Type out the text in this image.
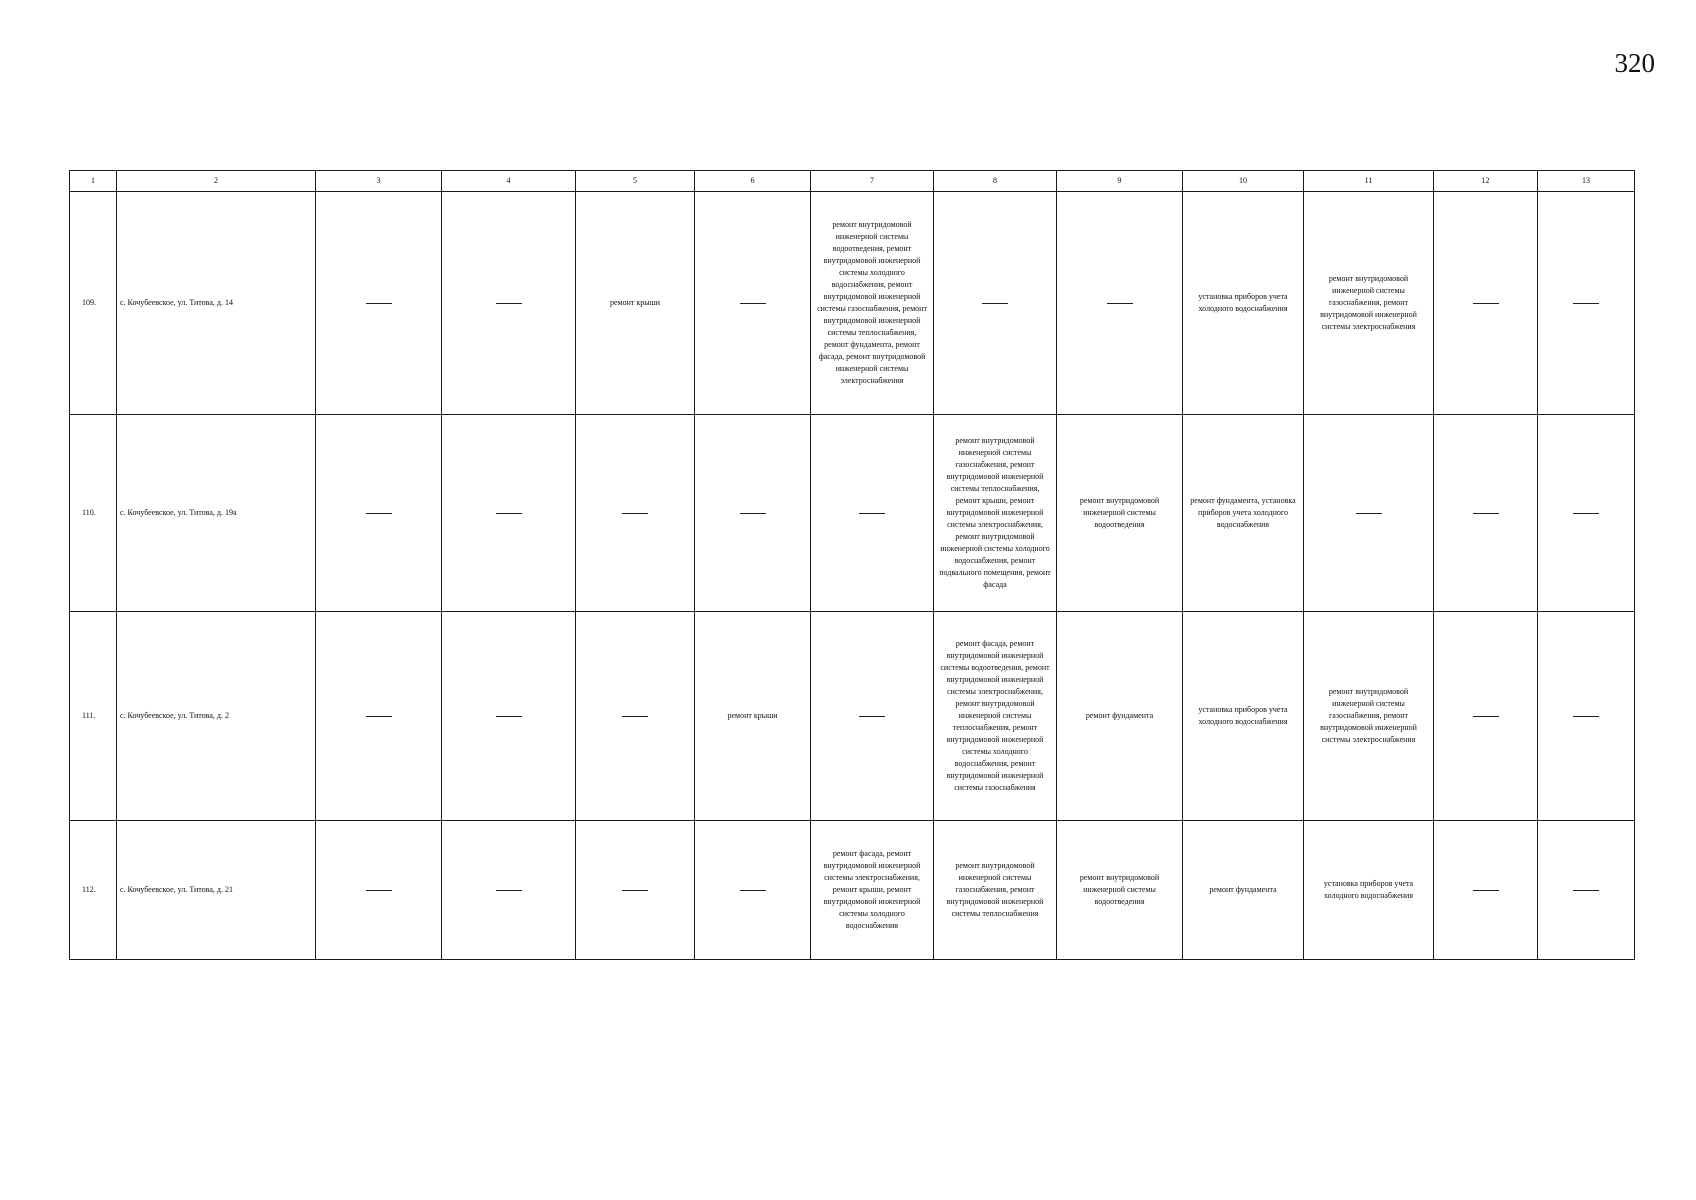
320
1	2	3	4	5	6	7	8	9	10	11	12	13
109.	с. Кочубеевское, ул. Титова, д. 14			ремонт крыши		ремонт внутридомовой инженерной системы водоотведения, ремонт внутридомовой инженерной системы холодного водоснабжения, ремонт внутридомовой инженерной системы газоснабжения, ремонт внутридомовой инженерной системы теплоснабжения, ремонт фундамента, ремонт фасада, ремонт внутридомовой инженерной системы электроснабжения			установка приборов учета холодного водоснабжения	ремонт внутридомовой инженерной системы газоснабжения, ремонт внутридомовой инженерной системы электроснабжения		
110.	с. Кочубеевское, ул. Титова, д. 19а						ремонт внутридомовой инженерной системы газоснабжения, ремонт внутридомовой инженерной системы теплоснабжения, ремонт крыши, ремонт внутридомовой инженерной системы электроснабжения, ремонт внутридомовой инженерной системы холодного водоснабжения, ремонт подвального помещения, ремонт фасада	ремонт внутридомовой инженерной системы водоотведения	ремонт фундамента, установка приборов учета холодного водоснабжения			
111.	с. Кочубеевское, ул. Титова, д. 2				ремонт крыши		ремонт фасада, ремонт внутридомовой инженерной системы водоотведения, ремонт внутридомовой инженерной системы электроснабжения, ремонт внутридомовой инженерной системы теплоснабжения, ремонт внутридомовой инженерной системы холодного водоснабжения, ремонт внутридомовой инженерной системы газоснабжения	ремонт фундамента	установка приборов учета холодного водоснабжения	ремонт внутридомовой инженерной системы газоснабжения, ремонт внутридомовой инженерной системы электроснабжения		
112.	с. Кочубеевское, ул. Титова, д. 21					ремонт фасада, ремонт внутридомовой инженерной системы электроснабжения, ремонт крыши, ремонт внутридомовой инженерной системы холодного водоснабжения	ремонт внутридомовой инженерной системы газоснабжения, ремонт внутридомовой инженерной системы теплоснабжения	ремонт внутридомовой инженерной системы водоотведения	ремонт фундамента	установка приборов учета холодного водоснабжения		
